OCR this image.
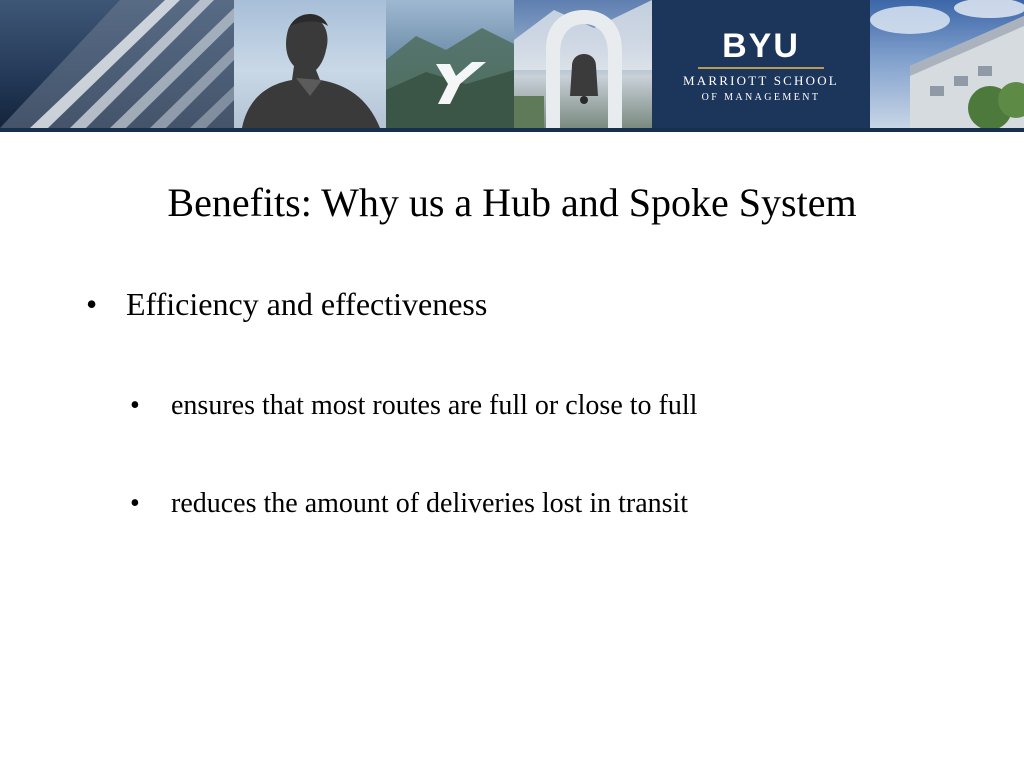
BYU
MARRIOTT SCHOOL
OF MANAGEMENT
Benefits: Why us a Hub and Spoke System
• Efficiency and effectiveness
• ensures that most routes are full or close to full
• reduces the amount of deliveries lost in transit
